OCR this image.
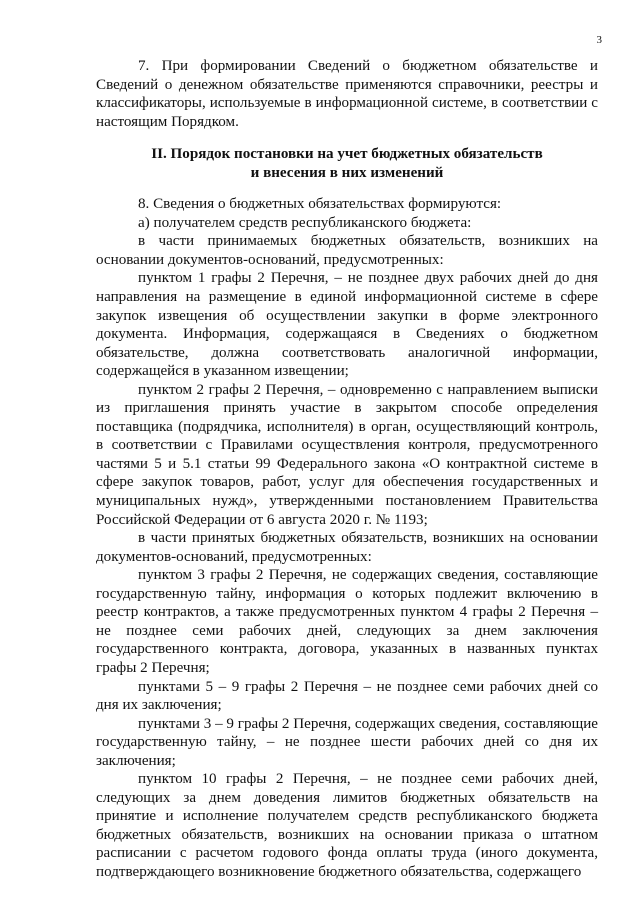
3

7. При формировании Сведений о бюджетном обязательстве и Сведений о денежном обязательстве применяются справочники, реестры и классификаторы, используемые в информационной системе, в соответствии с настоящим Порядком.

II. Порядок постановки на учет бюджетных обязательств
и внесения в них изменений

8. Сведения о бюджетных обязательствах формируются:

а) получателем средств республиканского бюджета:

в части принимаемых бюджетных обязательств, возникших на основании документов-оснований, предусмотренных:

пунктом 1 графы 2 Перечня, – не позднее двух рабочих дней до дня направления на размещение в единой информационной системе в сфере закупок извещения об осуществлении закупки в форме электронного документа. Информация, содержащаяся в Сведениях о бюджетном обязательстве, должна соответствовать аналогичной информации, содержащейся в указанном извещении;

пунктом 2 графы 2 Перечня, – одновременно с направлением выписки из приглашения принять участие в закрытом способе определения поставщика (подрядчика, исполнителя) в орган, осуществляющий контроль, в соответствии с Правилами осуществления контроля, предусмотренного частями 5 и 5.1 статьи 99 Федерального закона «О контрактной системе в сфере закупок товаров, работ, услуг для обеспечения государственных и муниципальных нужд», утвержденными постановлением Правительства Российской Федерации от 6 августа 2020 г. № 1193;

в части принятых бюджетных обязательств, возникших на основании документов-оснований, предусмотренных:

пунктом 3 графы 2 Перечня, не содержащих сведения, составляющие государственную тайну, информация о которых подлежит включению в реестр контрактов, а также предусмотренных пунктом 4 графы 2 Перечня – не позднее семи рабочих дней, следующих за днем заключения государственного контракта, договора, указанных в названных пунктах графы 2 Перечня;

пунктами 5 – 9 графы 2 Перечня – не позднее семи рабочих дней со дня их заключения;

пунктами 3 – 9 графы 2 Перечня, содержащих сведения, составляющие государственную тайну, – не позднее шести рабочих дней со дня их заключения;

пунктом 10 графы 2 Перечня, – не позднее семи рабочих дней, следующих за днем доведения лимитов бюджетных обязательств на принятие и исполнение получателем средств республиканского бюджета бюджетных обязательств, возникших на основании приказа о штатном расписании с расчетом годового фонда оплаты труда (иного документа, подтверждающего возникновение бюджетного обязательства, содержащего
